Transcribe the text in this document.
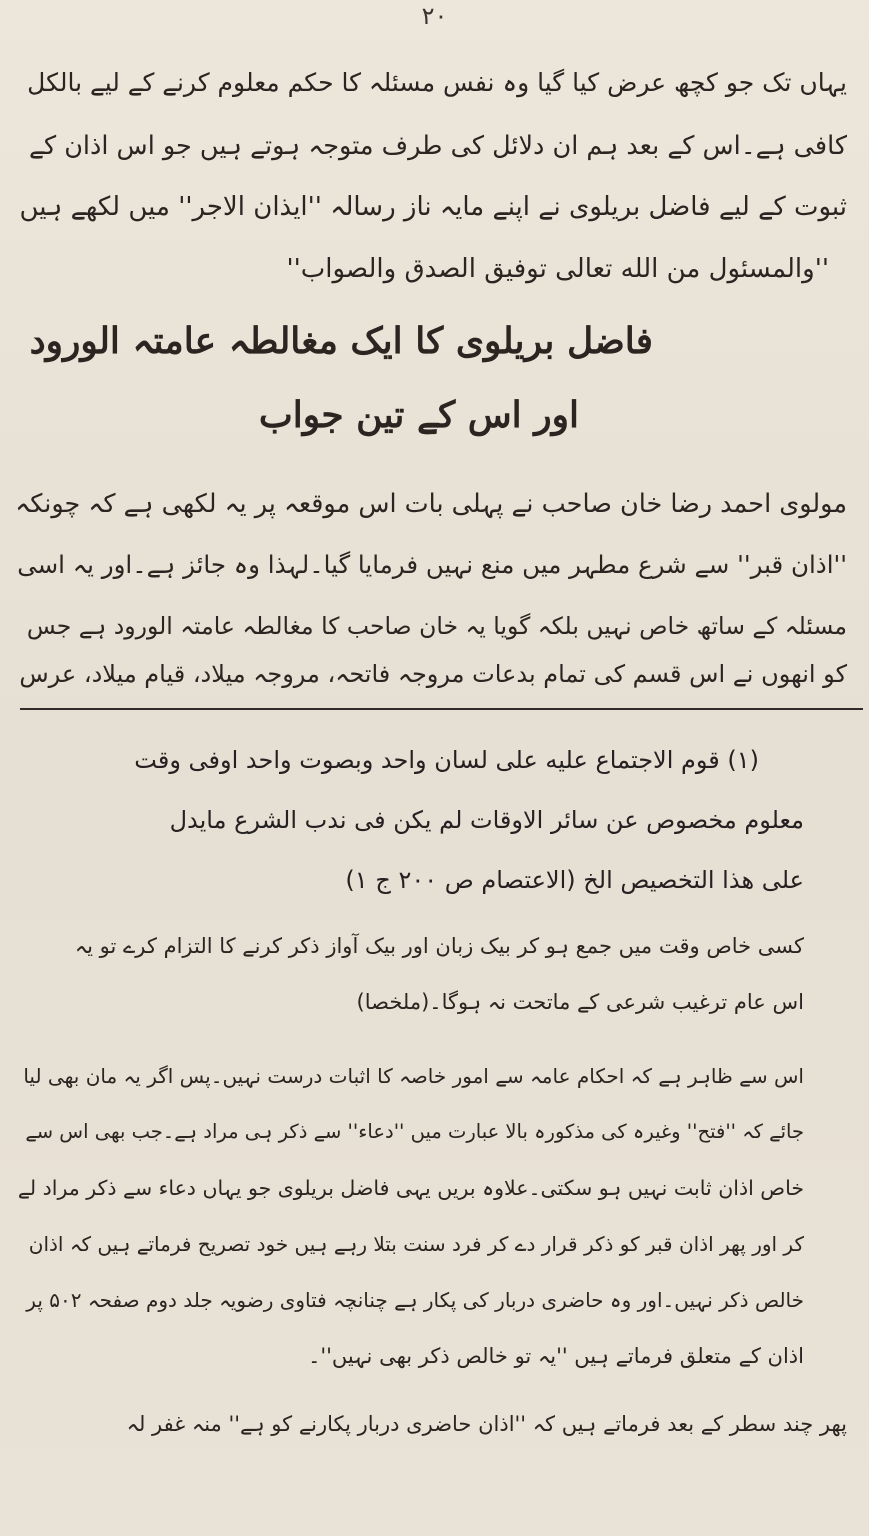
۲۰
یہاں تک جو کچھ عرض کیا گیا وہ نفس مسئلہ کا حکم معلوم کرنے کے لیے بالکل
کافی ہے۔اس کے بعد ہم ان دلائل کی طرف متوجہ ہوتے ہیں جو اس اذان کے
ثبوت کے لیے فاضل بریلوی نے اپنے مایہ ناز رسالہ ''ایذان الاجر'' میں لکھے ہیں
''والمسئول من الله تعالی توفیق الصدق والصواب''
فاضل بریلوی کا ایک مغالطہ عامتہ الورود
اور اس کے تین جواب
مولوی احمد رضا خان صاحب نے پہلی بات اس موقعہ پر یہ لکھی ہے کہ چونکہ
''اذان قبر'' سے شرع مطہر میں منع نہیں فرمایا گیا۔لہذا وہ جائز ہے۔اور یہ اسی
مسئلہ کے ساتھ خاص نہیں بلکہ گویا یہ خان صاحب کا مغالطہ عامتہ الورود ہے جس
کو انھوں نے اس قسم کی تمام بدعات مروجہ فاتحہ، مروجہ میلاد، قیام میلاد، عرس
(۱) قوم الاجتماع علیه علی لسان واحد وبصوت واحد اوفی وقت
معلوم مخصوص عن سائر الاوقات لم یکن فی ندب الشرع مایدل
علی هذا التخصیص الخ (الاعتصام ص ۲۰۰ ج ۱)
کسی خاص وقت میں جمع ہو کر بیک زبان اور بیک آواز ذکر کرنے کا التزام کرے تو یہ
اس عام ترغیب شرعی کے ماتحت نہ ہوگا۔(ملخصا)
اس سے ظاہر ہے کہ احکام عامہ سے امور خاصہ کا اثبات درست نہیں۔پس اگر یہ مان بھی لیا
جائے کہ ''فتح'' وغیرہ کی مذکورہ بالا عبارت میں ''دعاء'' سے ذکر ہی مراد ہے۔جب بھی اس سے
خاص اذان ثابت نہیں ہو سکتی۔علاوہ بریں یہی فاضل بریلوی جو یہاں دعاء سے ذکر مراد لے
کر اور پھر اذان قبر کو ذکر قرار دے کر فرد سنت بتلا رہے ہیں خود تصریح فرماتے ہیں کہ اذان
خالص ذکر نہیں۔اور وہ حاضری دربار کی پکار ہے چنانچہ فتاوی رضویہ جلد دوم صفحہ ۵۰۲ پر
اذان کے متعلق فرماتے ہیں ''یہ تو خالص ذکر بھی نہیں''۔
پھر چند سطر کے بعد فرماتے ہیں کہ ''اذان حاضری دربار پکارنے کو ہے'' منہ غفر لہ
